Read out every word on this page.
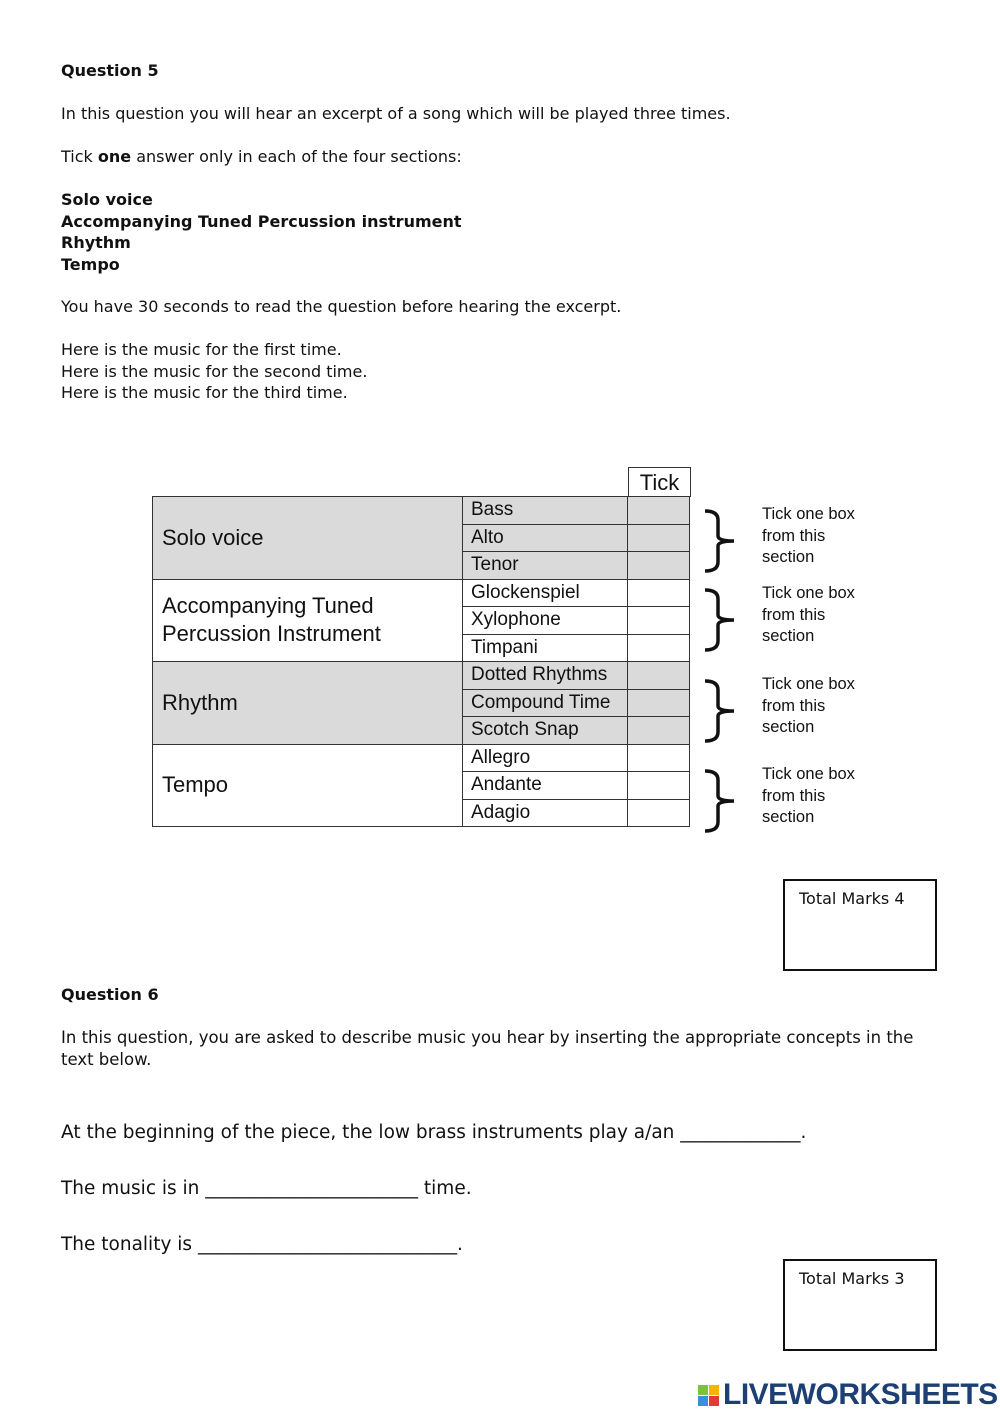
Question 5
In this question you will hear an excerpt of a song which will be played three times.
Tick one answer only in each of the four sections:
Solo voice
Accompanying Tuned Percussion instrument
Rhythm
Tempo
You have 30 seconds to read the question before hearing the excerpt.
Here is the music for the first time.
Here is the music for the second time.
Here is the music for the third time.
Tick
Solo voice	Bass	
	Alto	
	Tenor	
Accompanying Tuned Percussion Instrument	Glockenspiel	
	Xylophone	
	Timpani	
Rhythm	Dotted Rhythms	
	Compound Time	
	Scotch Snap	
Tempo	Allegro	
	Andante	
	Adagio	
Tick one box from this section
Tick one box from this section
Tick one box from this section
Tick one box from this section
Total Marks 4
Question 6
In this question, you are asked to describe music you hear by inserting the appropriate concepts in the
text below.
At the beginning of the piece, the low brass instruments play a/an _____________.
The music is in _______________________ time.
The tonality is ____________________________.
Total Marks 3
LIVEWORKSHEETS
